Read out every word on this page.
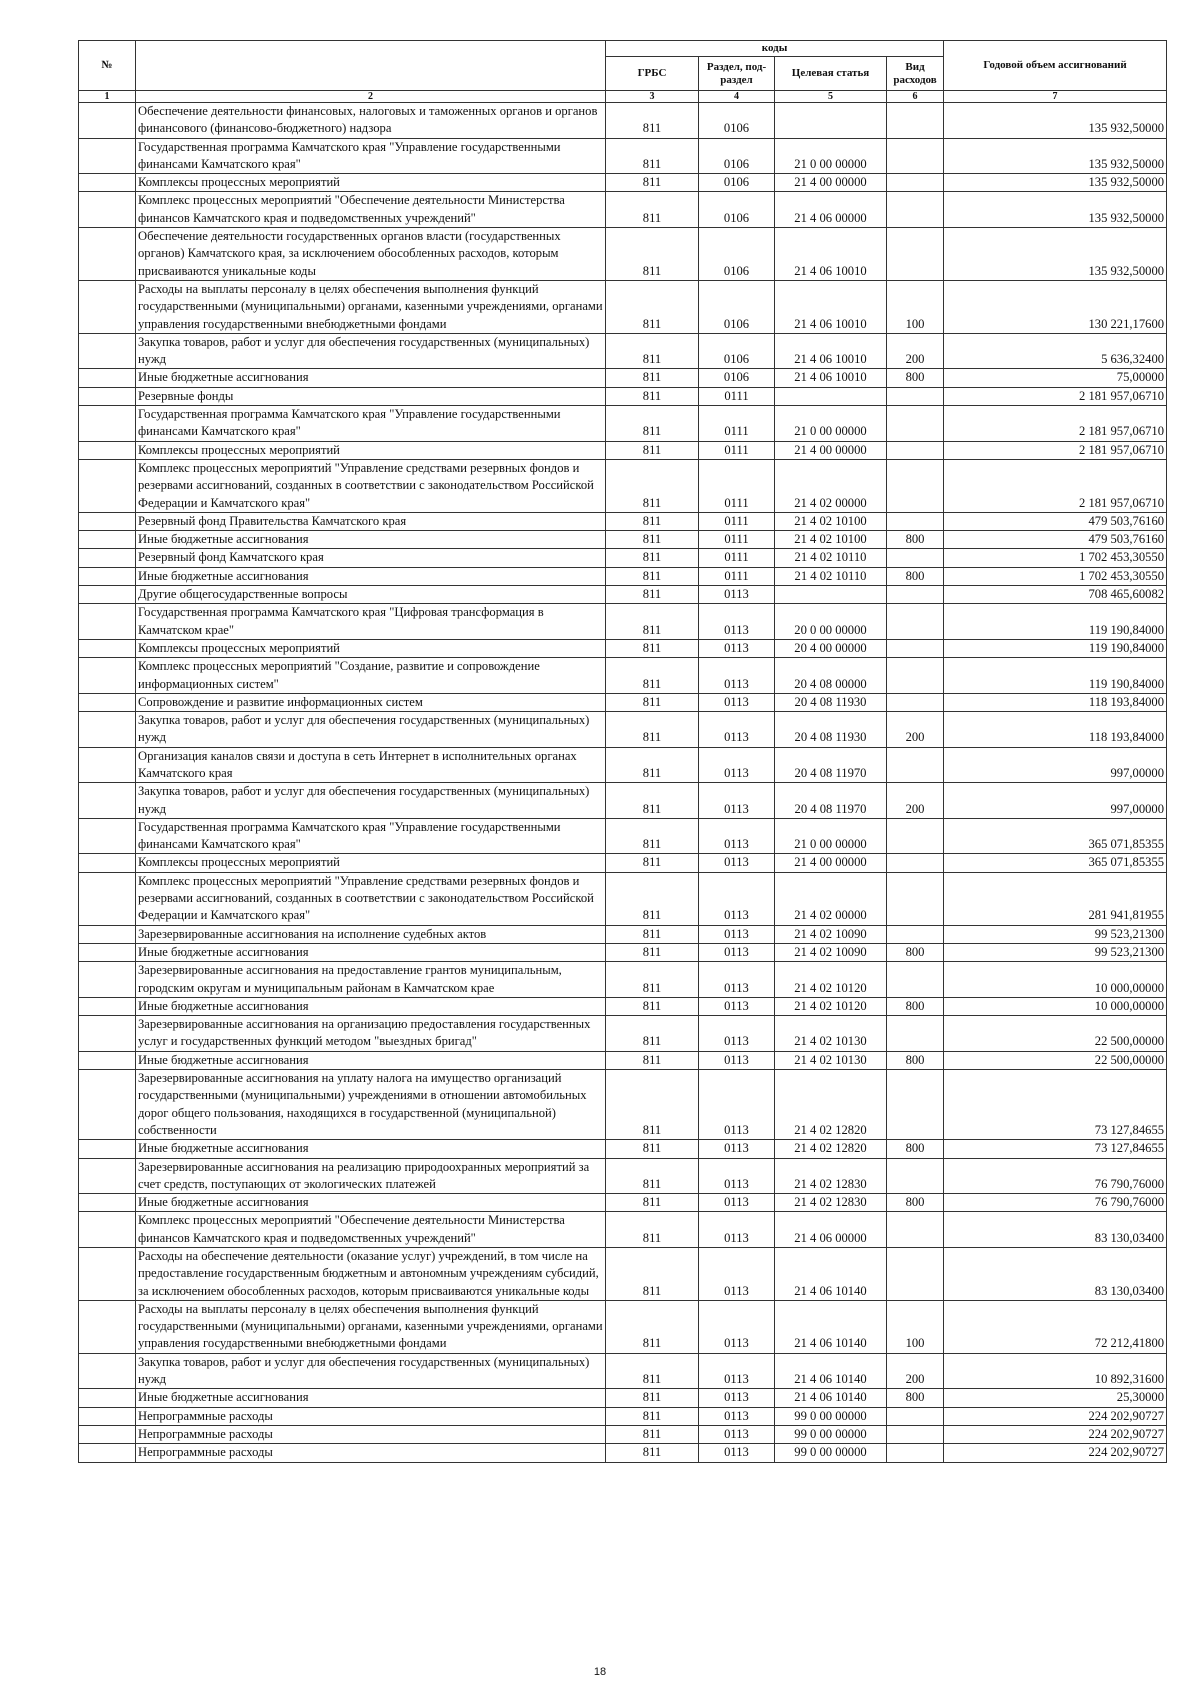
№		коды				Годовой объем ассигнований
		ГРБС	Раздел, под-раздел	Целевая статья	Вид расходов	
1	2	3	4	5	6	7
	Обеспечение деятельности финансовых, налоговых и таможенных органов и органов финансового (финансово-бюджетного) надзора	811	0106			135 932,50000
	Государственная программа Камчатского края "Управление государственными финансами Камчатского края"	811	0106	21 0 00 00000		135 932,50000
	Комплексы процессных мероприятий	811	0106	21 4 00 00000		135 932,50000
	Комплекс процессных мероприятий "Обеспечение деятельности Министерства финансов Камчатского края и подведомственных учреждений"	811	0106	21 4 06 00000		135 932,50000
	Обеспечение деятельности государственных органов власти (государственных органов) Камчатского края, за исключением обособленных расходов, которым присваиваются уникальные коды	811	0106	21 4 06 10010		135 932,50000
	Расходы на выплаты персоналу в целях обеспечения выполнения функций государственными (муниципальными) органами, казенными учреждениями, органами управления государственными внебюджетными фондами	811	0106	21 4 06 10010	100	130 221,17600
	Закупка товаров, работ и услуг для обеспечения государственных (муниципальных) нужд	811	0106	21 4 06 10010	200	5 636,32400
	Иные бюджетные ассигнования	811	0106	21 4 06 10010	800	75,00000
	Резервные фонды	811	0111			2 181 957,06710
	Государственная программа Камчатского края "Управление государственными финансами Камчатского края"	811	0111	21 0 00 00000		2 181 957,06710
	Комплексы процессных мероприятий	811	0111	21 4 00 00000		2 181 957,06710
	Комплекс процессных мероприятий "Управление средствами резервных фондов и резервами ассигнований, созданных в соответствии с законодательством Российской Федерации и Камчатского края"	811	0111	21 4 02 00000		2 181 957,06710
	Резервный фонд Правительства Камчатского края	811	0111	21 4 02 10100		479 503,76160
	Иные бюджетные ассигнования	811	0111	21 4 02 10100	800	479 503,76160
	Резервный фонд Камчатского края	811	0111	21 4 02 10110		1 702 453,30550
	Иные бюджетные ассигнования	811	0111	21 4 02 10110	800	1 702 453,30550
	Другие общегосударственные вопросы	811	0113			708 465,60082
	Государственная программа Камчатского края "Цифровая трансформация в Камчатском крае"	811	0113	20 0 00 00000		119 190,84000
	Комплексы процессных мероприятий	811	0113	20 4 00 00000		119 190,84000
	Комплекс процессных мероприятий "Создание, развитие и сопровождение информационных систем"	811	0113	20 4 08 00000		119 190,84000
	Сопровождение и развитие информационных систем	811	0113	20 4 08 11930		118 193,84000
	Закупка товаров, работ и услуг для обеспечения государственных (муниципальных) нужд	811	0113	20 4 08 11930	200	118 193,84000
	Организация каналов связи и доступа в сеть Интернет в исполнительных органах Камчатского края	811	0113	20 4 08 11970		997,00000
	Закупка товаров, работ и услуг для обеспечения государственных (муниципальных) нужд	811	0113	20 4 08 11970	200	997,00000
	Государственная программа Камчатского края "Управление государственными финансами Камчатского края"	811	0113	21 0 00 00000		365 071,85355
	Комплексы процессных мероприятий	811	0113	21 4 00 00000		365 071,85355
	Комплекс процессных мероприятий "Управление средствами резервных фондов и резервами ассигнований, созданных в соответствии с законодательством Российской Федерации и Камчатского края"	811	0113	21 4 02 00000		281 941,81955
	Зарезервированные ассигнования на исполнение судебных актов	811	0113	21 4 02 10090		99 523,21300
	Иные бюджетные ассигнования	811	0113	21 4 02 10090	800	99 523,21300
	Зарезервированные ассигнования на предоставление грантов муниципальным, городским округам и муниципальным районам в Камчатском крае	811	0113	21 4 02 10120		10 000,00000
	Иные бюджетные ассигнования	811	0113	21 4 02 10120	800	10 000,00000
	Зарезервированные ассигнования на организацию предоставления государственных услуг и государственных функций методом "выездных бригад"	811	0113	21 4 02 10130		22 500,00000
	Иные бюджетные ассигнования	811	0113	21 4 02 10130	800	22 500,00000
	Зарезервированные ассигнования на уплату налога на имущество организаций государственными (муниципальными) учреждениями в отношении автомобильных дорог общего пользования, находящихся в государственной (муниципальной) собственности	811	0113	21 4 02 12820		73 127,84655
	Иные бюджетные ассигнования	811	0113	21 4 02 12820	800	73 127,84655
	Зарезервированные ассигнования на реализацию природоохранных мероприятий за счет средств, поступающих от экологических платежей	811	0113	21 4 02 12830		76 790,76000
	Иные бюджетные ассигнования	811	0113	21 4 02 12830	800	76 790,76000
	Комплекс процессных мероприятий "Обеспечение деятельности Министерства финансов Камчатского края и подведомственных учреждений"	811	0113	21 4 06 00000		83 130,03400
	Расходы на обеспечение деятельности (оказание услуг) учреждений, в том числе на предоставление государственным бюджетным и автономным учреждениям субсидий, за исключением обособленных расходов, которым присваиваются уникальные коды	811	0113	21 4 06 10140		83 130,03400
	Расходы на выплаты персоналу в целях обеспечения выполнения функций государственными (муниципальными) органами, казенными учреждениями, органами управления государственными внебюджетными фондами	811	0113	21 4 06 10140	100	72 212,41800
	Закупка товаров, работ и услуг для обеспечения государственных (муниципальных) нужд	811	0113	21 4 06 10140	200	10 892,31600
	Иные бюджетные ассигнования	811	0113	21 4 06 10140	800	25,30000
	Непрограммные расходы	811	0113	99 0 00 00000		224 202,90727
	Непрограммные расходы	811	0113	99 0 00 00000		224 202,90727
	Непрограммные расходы	811	0113	99 0 00 00000		224 202,90727
18
